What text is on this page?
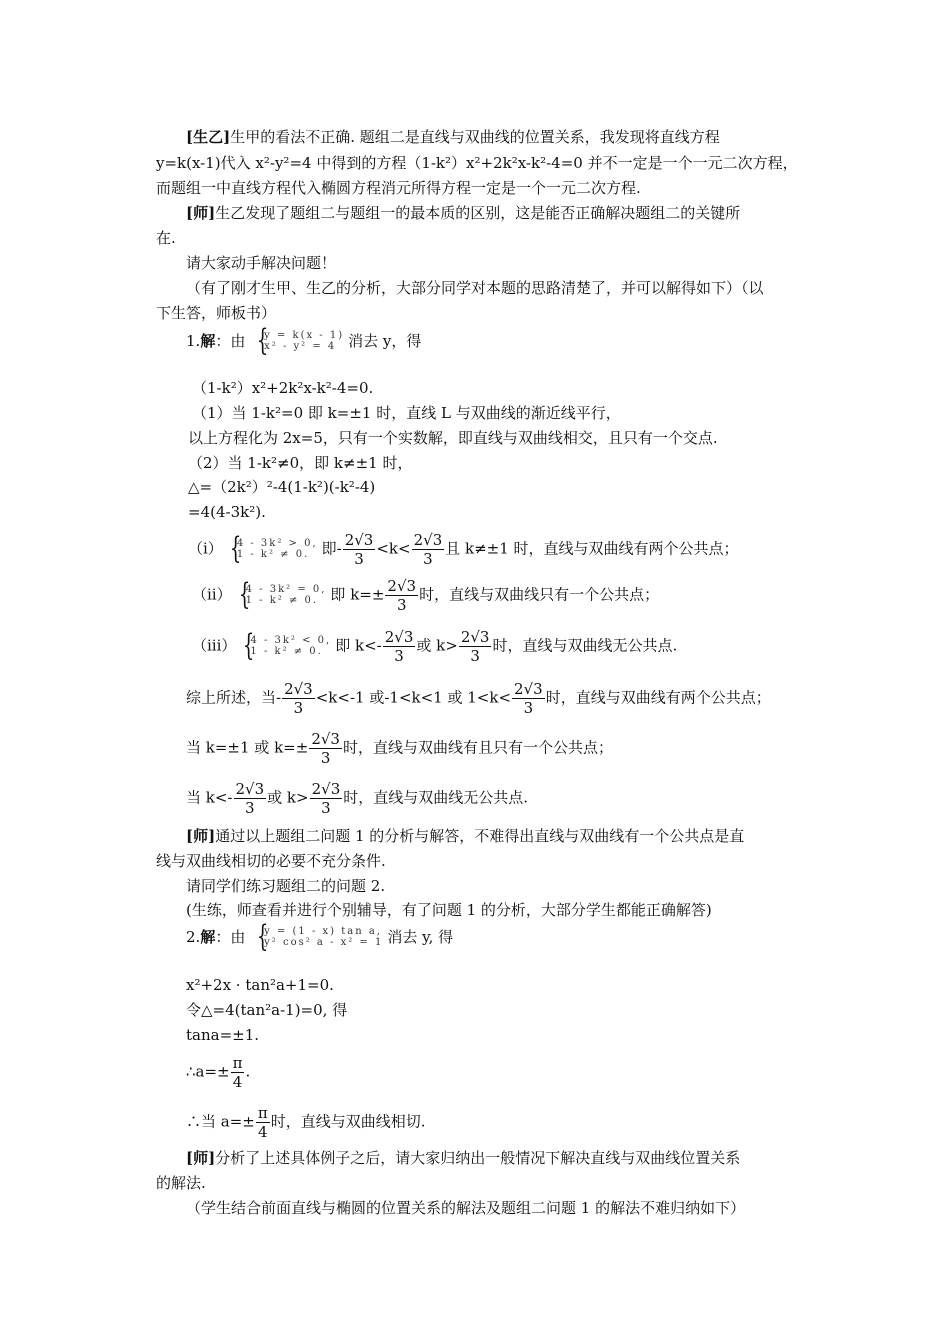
[生乙]生甲的看法不正确. 题组二是直线与双曲线的位置关系，我发现将直线方程
y=k(x-1)代入 x²-y²=4 中得到的方程（1-k²）x²+2k²x-k²-4=0 并不一定是一个一元二次方程，
而题组一中直线方程代入椭圆方程消元所得方程一定是一个一元二次方程.
[师]生乙发现了题组二与题组一的最本质的区别，这是能否正确解决题组二的关键所
在.
请大家动手解决问题！
（有了刚才生甲、生乙的分析，大部分同学对本题的思路清楚了，并可以解得如下）（以
下生答，师板书）
1.解：由 {
y = k(x - 1)
x² - y² = 4 消去 y，得
（1-k²）x²+2k²x-k²-4=0.
（1）当 1-k²=0 即 k=±1 时，直线 L 与双曲线的渐近线平行，
以上方程化为 2x=5，只有一个实数解，即直线与双曲线相交，且只有一个交点.
（2）当 1-k²≠0，即 k≠±1 时，
△=（2k²）²-4(1-k²)(-k²-4)
=4(4-3k²).
（ⅰ） {
4 - 3k² > 0,
1 - k² ≠ 0. 即- $\frac{2√3}{3} <k< \frac{2√3}{3}$ 且 k≠±1 时，直线与双曲线有两个公共点；
（ⅱ） {
4 - 3k² = 0,
1 - k² ≠ 0. 即 $k=\pm \frac{2√3}{3}$ 时，直线与双曲线只有一个公共点；
（ⅲ） {
4 - 3k² < 0,
1 - k² ≠ 0. 即 $k<- \frac{2√3}{3}$ 或 $k> \frac{2√3}{3}$ 时，直线与双曲线无公共点.
综上所述，当- $\frac{2√3}{3} <k<-1$ 或-1<k<1 或 $1<k< \frac{2√3}{3}$ 时，直线与双曲线有两个公共点；
当 k=±1 或 $k=\pm \frac{2√3}{3}$ 时，直线与双曲线有且只有一个公共点；
当 $k<- \frac{2√3}{3}$ 或 $k> \frac{2√3}{3}$ 时，直线与双曲线无公共点.
[师]通过以上题组二问题 1 的分析与解答，不难得出直线与双曲线有一个公共点是直
线与双曲线相切的必要不充分条件.
请同学们练习题组二的问题 2.
(生练，师查看并进行个别辅导，有了问题 1 的分析，大部分学生都能正确解答)
2.解：由 {
y = (1 - x) tan a,
y² cos² a - x² = 1 消去 y, 得
x²+2x · tan²a+1=0.
令△=4(tan²a-1)=0, 得
tana=±1.
∴a=± $\frac{\pi}{4}$ .
∴当 $a=\pm \frac{\pi}{4}$ 时，直线与双曲线相切.
[师]分析了上述具体例子之后，请大家归纳出一般情况下解决直线与双曲线位置关系
的解法.
（学生结合前面直线与椭圆的位置关系的解法及题组二问题 1 的解法不难归纳如下）
